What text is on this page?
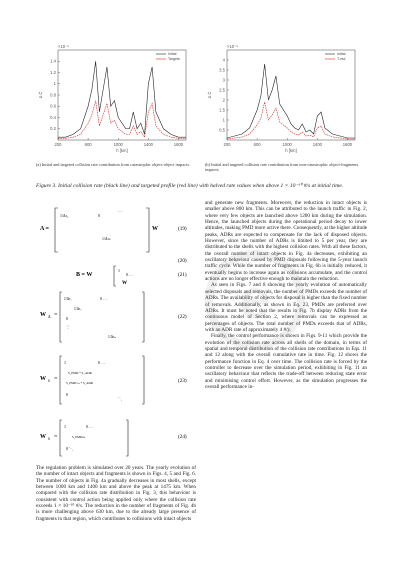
200	600	1000	1400	1800
0.2
0.4
0.6
0.8
1
1.2
1.4
h [km]
Δ Ċ
×10⁻⁵
Initial
Targets
(a) Initial and targeted collision rate contribution from catastrophic object-object impacts.
200	600	1000	1400	1800
0.5
1
1.5
2
2.5
3
3.5
4
h [km]
Δ Ċ
×10⁻⁶
Initial
T-red
(b) Initial and targeted collision rate contribution from non-catastrophic object-fragments impacts.
Figure 3. Initial collision rate (black line) and targeted profile (red line) with halved rate values when above 1 × 10⁻¹⁰ #/s at initial time.
A =
1/Δτ₁	0
…
1/Δτₙ
W	(19)
(20)
B = W
1
0 …
W
(21)
W Δ =
1/Δτ₁	0 …
1/Δτ₂
0
⋮
1/Δτₙ
(22)
W δ =
1	0 …
S_PMD + S_ADR
S_PMD·ω + S_ADR
0
⋱
(23)
W δ =
1	0 …
S_PMD/ω
0 ⋱
(24)

The regulation problem is simulated over 20 years. The yearly evolution of the number of intact objects and fragments is shown in Figs. 4, 5 and Fig. 6. The number of objects in Fig. 4a gradually decreases in most shells, except between 1000 km and 1400 km and above the peak at 1475 km. When compared with the collision rate distribution in Fig. 3, this behaviour is consistent with control action being applied only where the collision rate exceeds 1 × 10⁻¹⁰ #/s. The reduction in the number of fragments of Fig. 4b is more challenging above 630 km, due to the already large presence of fragments in that region, which contributes to collisions with intact objects

and generate new fragments. Moreover, the reduction in intact objects is smaller above 800 km. This can be attributed to the launch traffic in Fig. 2, where very few objects are launched above 1200 km during the simulation. Hence, the launched objects during the operational period decay to lower altitudes, making PMD more active there. Consequently, at the higher altitude peaks, ADRs are expected to compensate for the lack of disposed objects. However, since the number of ADRs is limited to 5 per year, they are distributed to the shells with the highest collision rates. With all these factors, the overall number of intact objects in Fig. 4a decreases, exhibiting an oscillatory behaviour caused by PMD disposals following the 5-year launch traffic cycle. While the number of fragments in Fig. 6b is initially reduced, it eventually begins to increase again as collisions accumulate, and the control actions are no longer effective enough to maintain the reduction.

As seen in Figs. 7 and 8 showing the yearly evolution of automatically selected disposals and removals, the number of PMDs exceeds the number of ADRs. The availability of objects for disposal is higher than the fixed number of removals. Additionally, as shown in Eq. 23, PMDs are preferred over ADRs. It must be noted that the results in Fig. 7b display ADRs from the continuous model of Section 2, where removals can be expressed as percentages of objects. The total number of PMDs exceeds that of ADRs, with an ADR rate of approximately 4 #/y.

Finally, the control performance is shown in Figs. 9-11 which provide the evolution of the collision rate across all shells of the domain, in terms of spatial and temporal distribution of the collision rate contributions in Eqs. 11 and 12 along with the overall cumulative rate in time. Fig. 12 shows the performance function in Eq. 4 over time. The collision rate is forced by the controller to decrease over the simulation period, exhibiting in Fig. 11 an oscillatory behaviour that reflects the trade-off between reducing state error and minimising control effort. However, as the simulation progresses the overall performance in-

e
